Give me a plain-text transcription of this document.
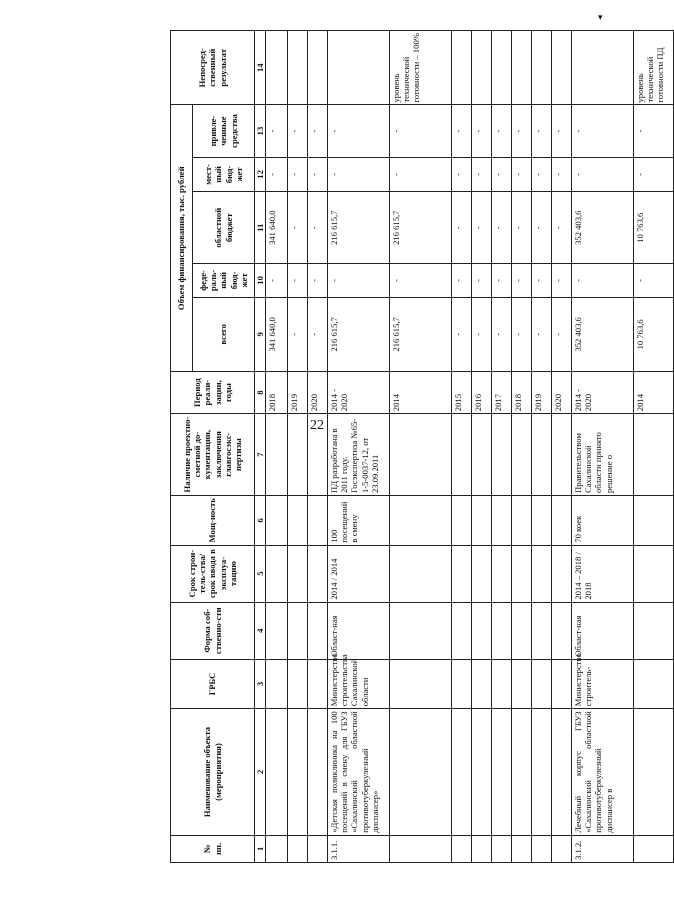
▾
22
№ пп.	Наименование объекта (мероприятия)	ГРБС	Форма соб-ственно-сти	Срок строи-тель-ства/срок ввода в эксплуа-тацию	Мощ-ность	Наличие проектно-сметной до-кументации, заключения главгосэкс-пертизы	Период реали-зации, годы	Объем финансирования, тыс. рублей					Непосред-ственный результат
								всего	феде-раль-ный бюд-жет	областной бюджет	мест-ный бюд-жет	привле-ченные средства	
1	2	3	4	5	6	7	8	9	10	11	12	13	14
							2018	341 640,0	-	341 640,0	-	-	
							2019	-	-	-	-	-	
							2020	-	-	-	-	-	
3.1.1.	«Детская поликлиника на 100 посещений в смену для ГБУЗ «Сахалинский областной противотуберкулезный диспансер»	Министерство строительства Сахалинской области	Област-ная	2014 / 2014	100 посещений в смену	ПД разработана в 2011 году. Госэкспертиза №65-1-5-0037-12, от 23.09.2011	2014 - 2020	216 615,7	-	216 615,7	-	-	
							2014	216 615,7	-	216 615,7	-	-	уровень технической готовности – 100%
							2015	-	-	-	-	-	
							2016	-	-	-	-	-	
							2017	-	-	-	-	-	
							2018	-	-	-	-	-	
							2019	-	-	-	-	-	
							2020	-	-	-	-	-	
3.1.2.	Лечебный корпус ГБУЗ «Сахалинский областной противотуберкулезный диспансер в	Министерство строитель-	Област-ная	2014 – 2018 / 2018	70 коек	Правительством Сахалинской области принято решение о	2014 - 2020	352 403,6	-	352 403,6	-	-	
							2014	10 763,6	-	10 763,6	-	-	уровень технической готовности ПД
